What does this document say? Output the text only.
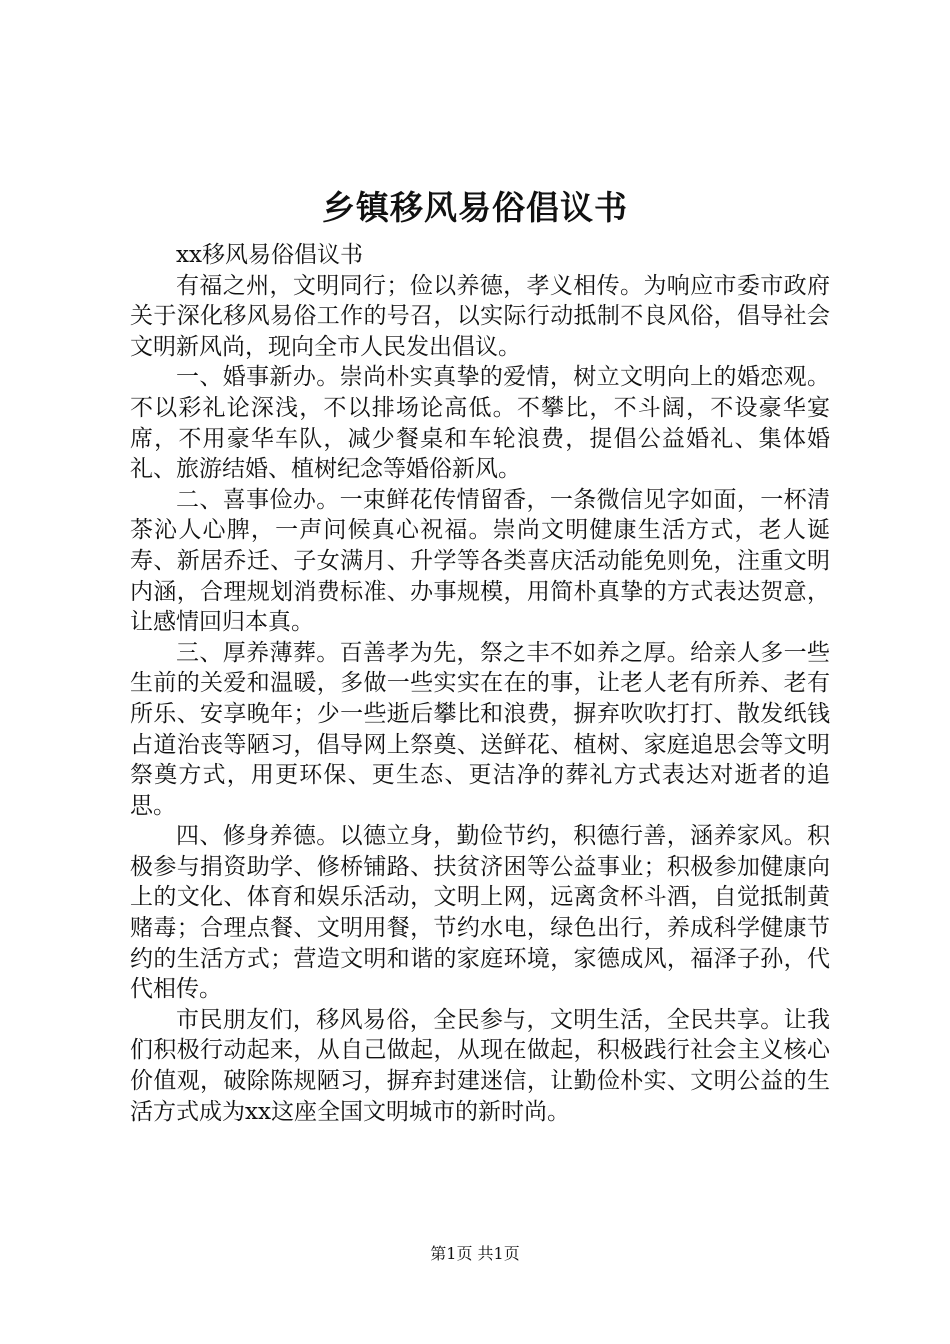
乡镇移风易俗倡议书

xx移风易俗倡议书

有福之州，文明同行；俭以养德，孝义相传。为响应市委市政府关于深化移风易俗工作的号召，以实际行动抵制不良风俗，倡导社会文明新风尚，现向全市人民发出倡议。

一、婚事新办。崇尚朴实真挚的爱情，树立文明向上的婚恋观。不以彩礼论深浅，不以排场论高低。不攀比，不斗阔，不设豪华宴席，不用豪华车队，减少餐桌和车轮浪费，提倡公益婚礼、集体婚礼、旅游结婚、植树纪念等婚俗新风。

二、喜事俭办。一束鲜花传情留香，一条微信见字如面，一杯清茶沁人心脾，一声问候真心祝福。崇尚文明健康生活方式，老人诞寿、新居乔迁、子女满月、升学等各类喜庆活动能免则免，注重文明内涵，合理规划消费标准、办事规模，用简朴真挚的方式表达贺意，让感情回归本真。

三、厚养薄葬。百善孝为先，祭之丰不如养之厚。给亲人多一些生前的关爱和温暖，多做一些实实在在的事，让老人老有所养、老有所乐、安享晚年；少一些逝后攀比和浪费，摒弃吹吹打打、散发纸钱占道治丧等陋习，倡导网上祭奠、送鲜花、植树、家庭追思会等文明祭奠方式，用更环保、更生态、更洁净的葬礼方式表达对逝者的追思。

四、修身养德。以德立身，勤俭节约，积德行善，涵养家风。积极参与捐资助学、修桥铺路、扶贫济困等公益事业；积极参加健康向上的文化、体育和娱乐活动，文明上网，远离贪杯斗酒，自觉抵制黄赌毒；合理点餐、文明用餐，节约水电，绿色出行，养成科学健康节约的生活方式；营造文明和谐的家庭环境，家德成风，福泽子孙，代代相传。

市民朋友们，移风易俗，全民参与，文明生活，全民共享。让我们积极行动起来，从自己做起，从现在做起，积极践行社会主义核心价值观，破除陈规陋习，摒弃封建迷信，让勤俭朴实、文明公益的生活方式成为xx这座全国文明城市的新时尚。

第1页 共1页
